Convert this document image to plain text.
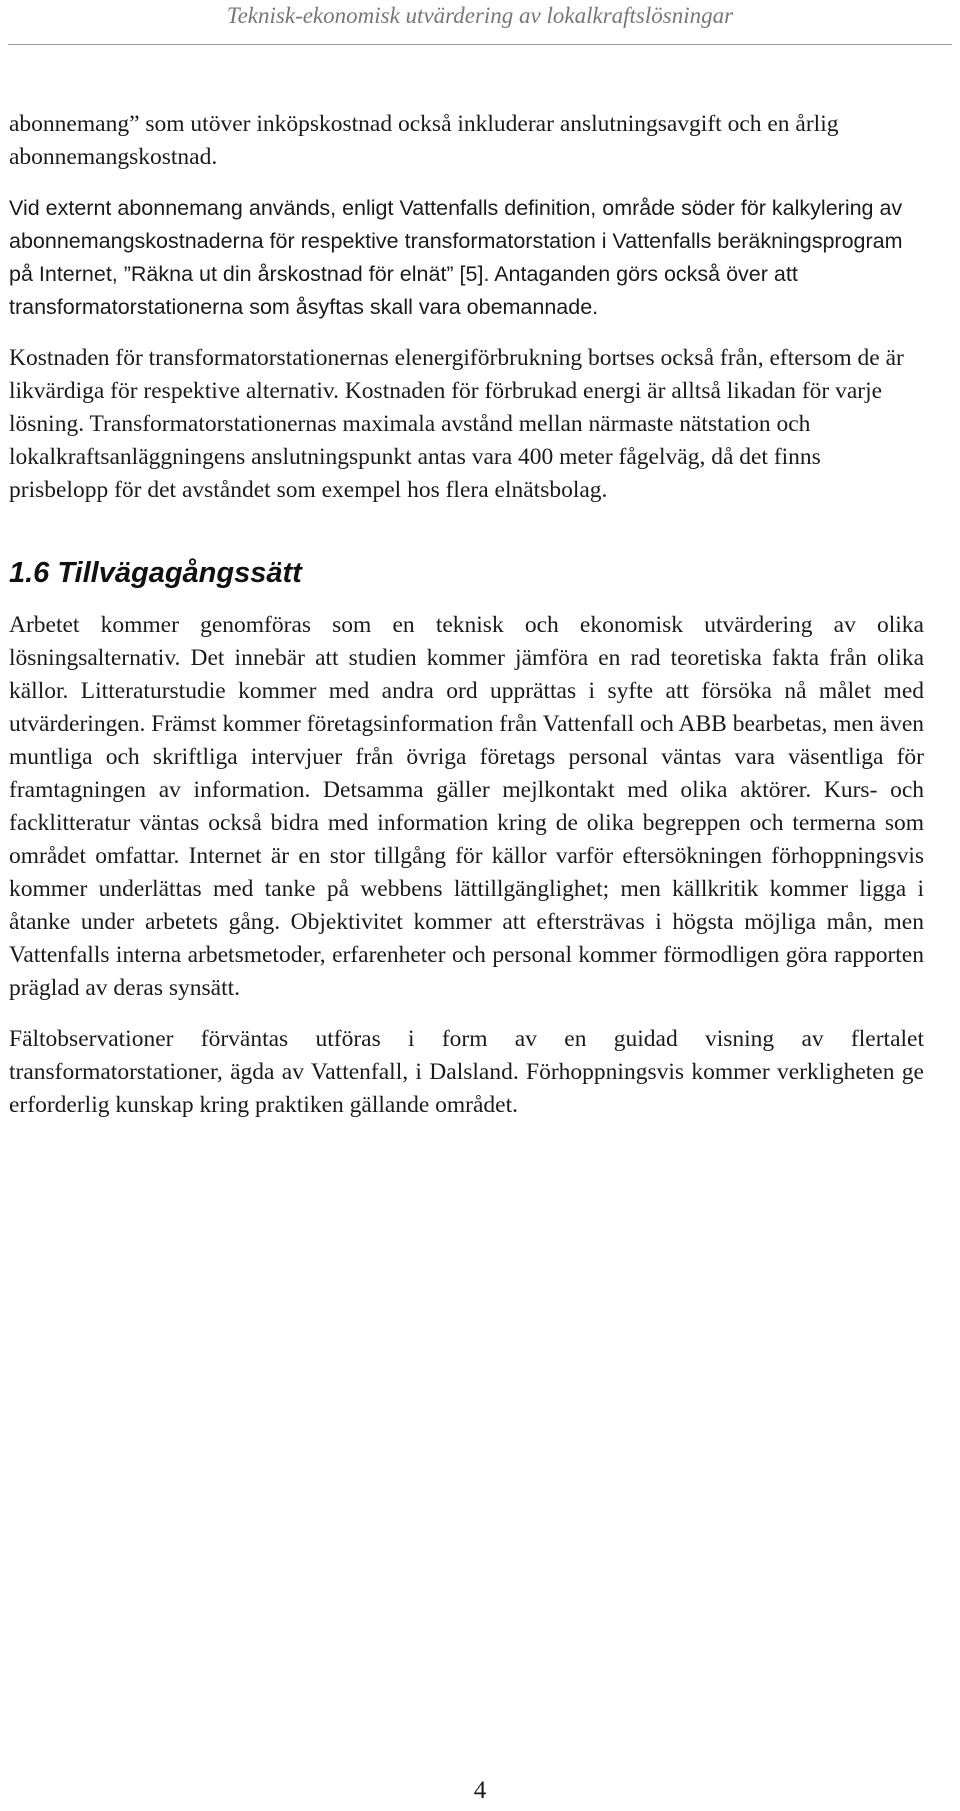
Teknisk-ekonomisk utvärdering av lokalkraftslösningar

abonnemang” som utöver inköpskostnad också inkluderar anslutningsavgift och en årlig abonnemangskostnad.

Vid externt abonnemang används, enligt Vattenfalls definition, område söder för kalkylering av abonnemangskostnaderna för respektive transformatorstation i Vattenfalls beräkningsprogram på Internet, ”Räkna ut din årskostnad för elnät” [5]. Antaganden görs också över att transformatorstationerna som åsyftas skall vara obemannade.

Kostnaden för transformatorstationernas elenergiförbrukning bortses också från, eftersom de är likvärdiga för respektive alternativ. Kostnaden för förbrukad energi är alltså likadan för varje lösning. Transformatorstationernas maximala avstånd mellan närmaste nätstation och lokalkraftsanläggningens anslutningspunkt antas vara 400 meter fågelväg, då det finns prisbelopp för det avståndet som exempel hos flera elnätsbolag.

1.6 Tillvägagångssätt

Arbetet kommer genomföras som en teknisk och ekonomisk utvärdering av olika lösningsalternativ. Det innebär att studien kommer jämföra en rad teoretiska fakta från olika källor. Litteraturstudie kommer med andra ord upprättas i syfte att försöka nå målet med utvärderingen. Främst kommer företagsinformation från Vattenfall och ABB bearbetas, men även muntliga och skriftliga intervjuer från övriga företags personal väntas vara väsentliga för framtagningen av information. Detsamma gäller mejlkontakt med olika aktörer. Kurs- och facklitteratur väntas också bidra med information kring de olika begreppen och termerna som området omfattar. Internet är en stor tillgång för källor varför eftersökningen förhoppningsvis kommer underlättas med tanke på webbens lättillgänglighet; men källkritik kommer ligga i åtanke under arbetets gång. Objektivitet kommer att eftersträvas i högsta möjliga mån, men Vattenfalls interna arbetsmetoder, erfarenheter och personal kommer förmodligen göra rapporten präglad av deras synsätt.

Fältobservationer förväntas utföras i form av en guidad visning av flertalet transformatorstationer, ägda av Vattenfall, i Dalsland. Förhoppningsvis kommer verkligheten ge erforderlig kunskap kring praktiken gällande området.

4
